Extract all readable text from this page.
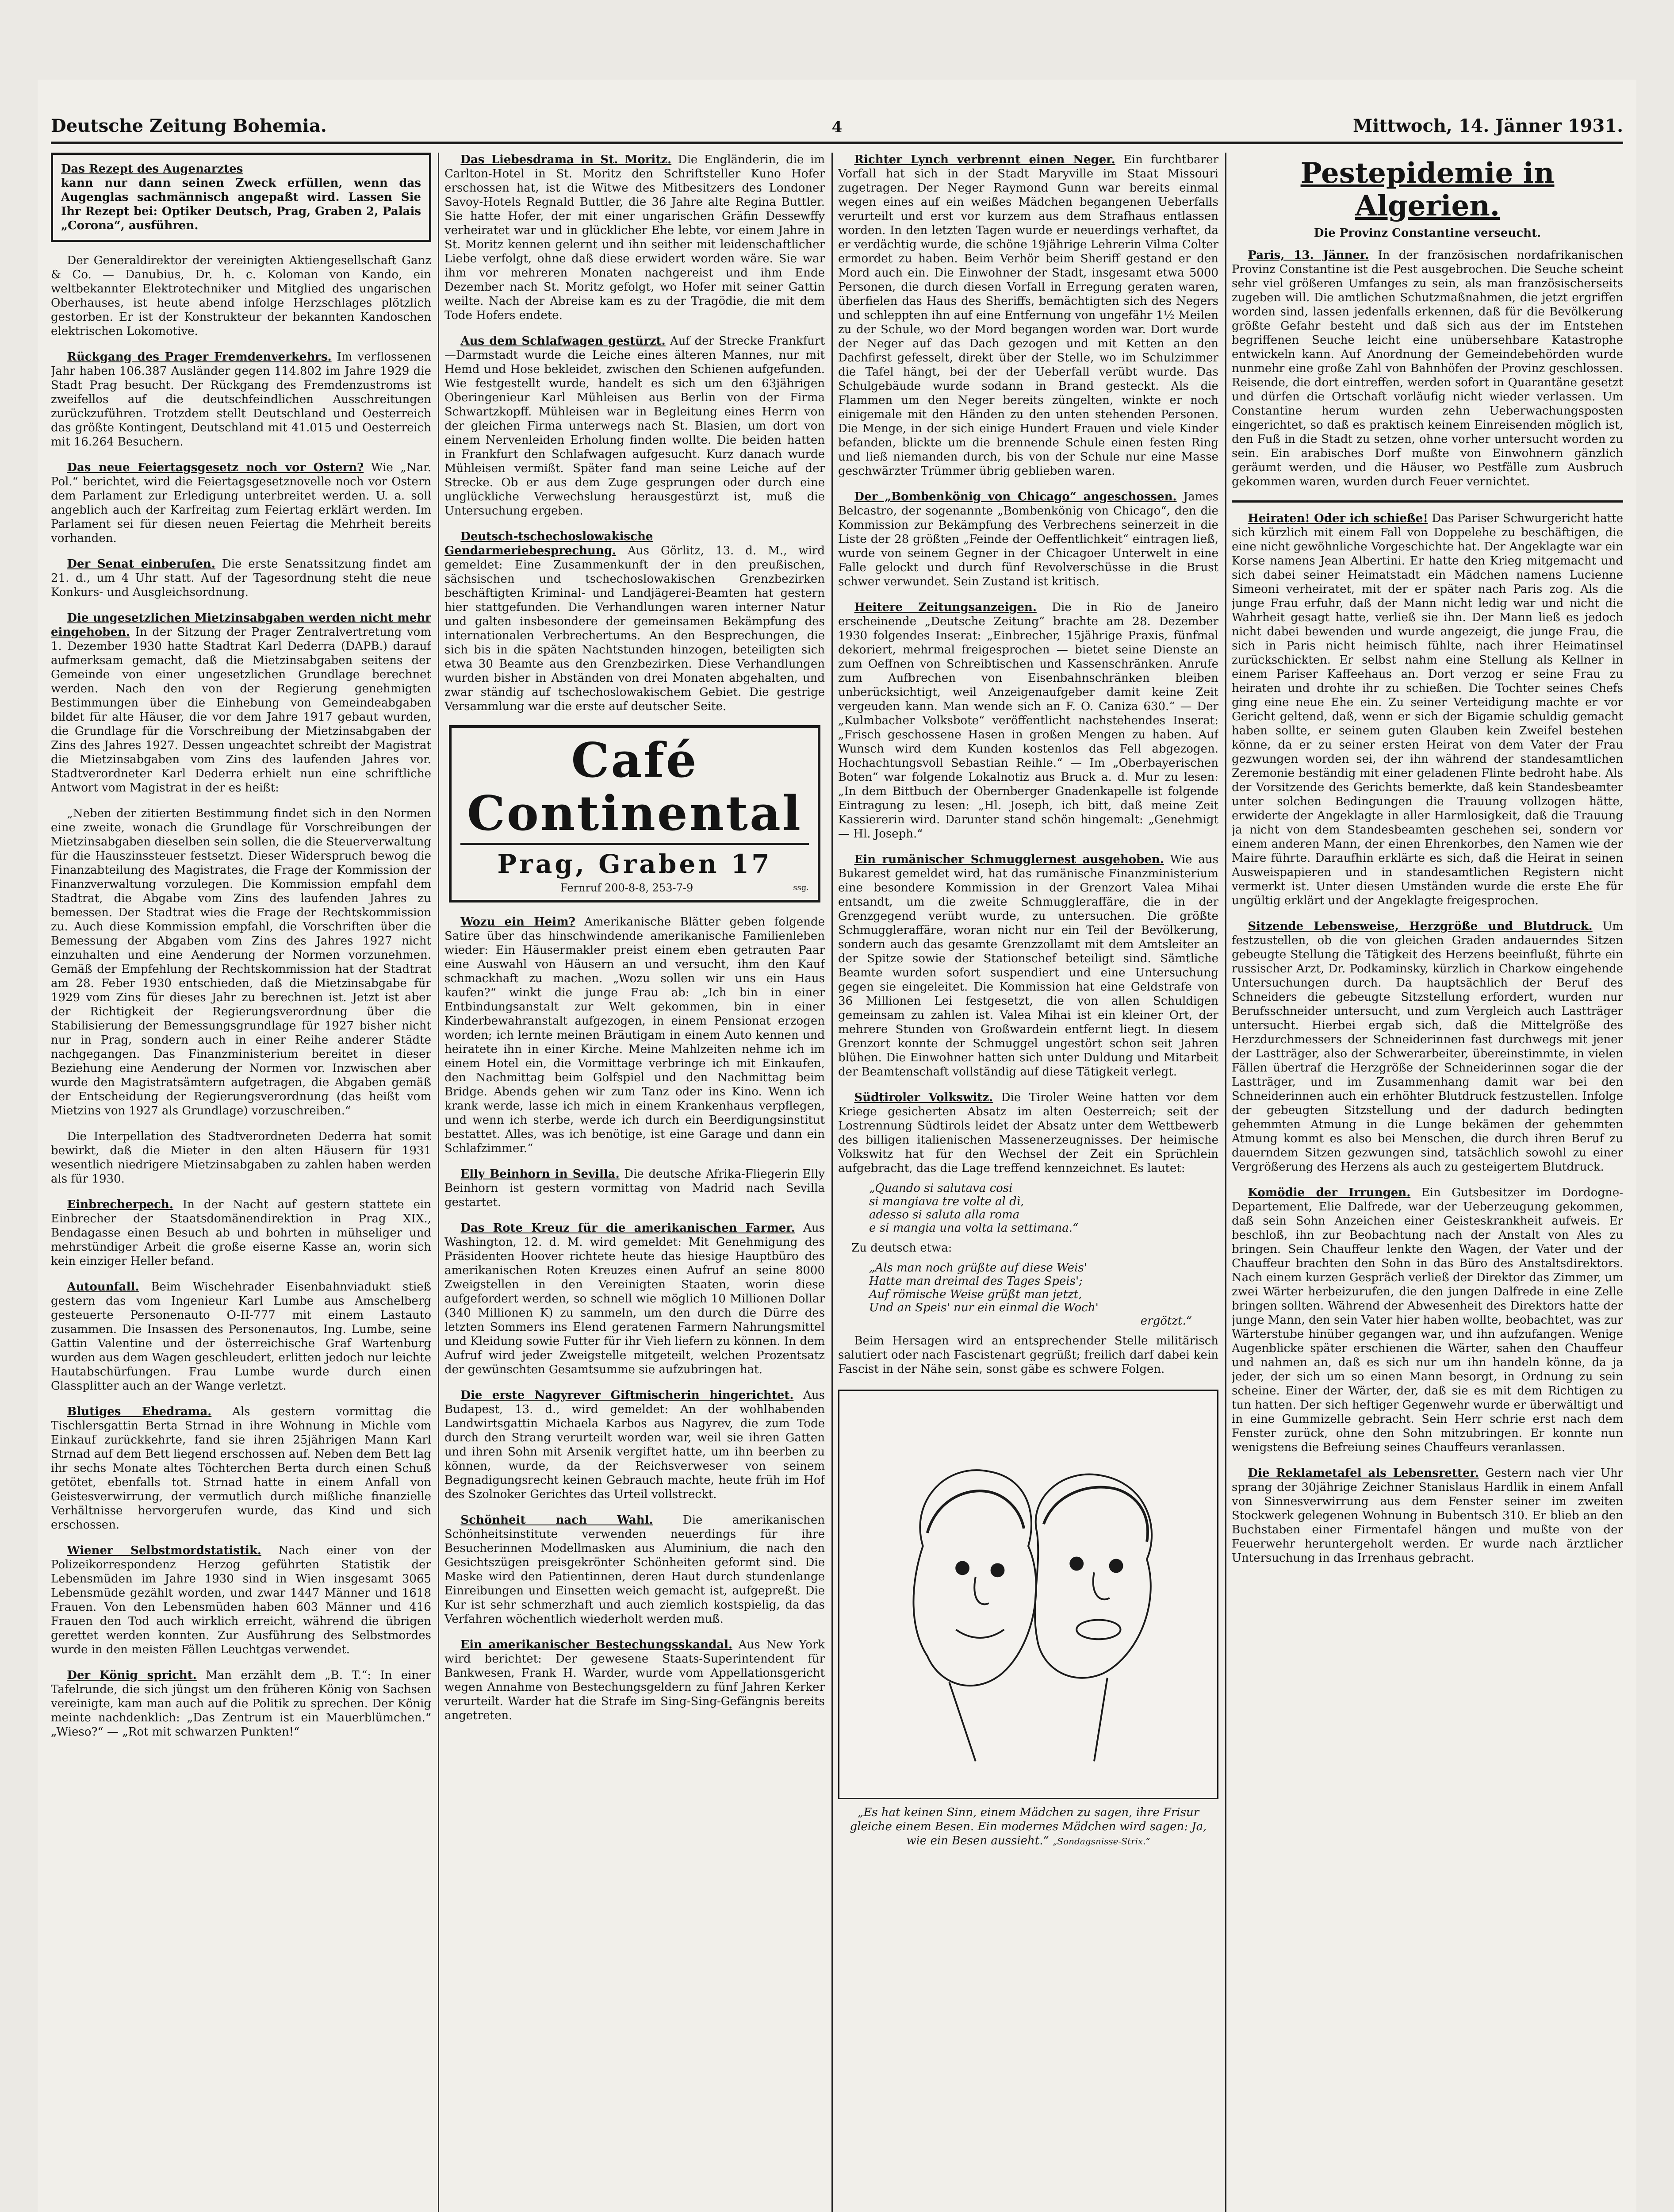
Deutsche Zeitung Bohemia.	4	Mittwoch, 14. Jänner 1931.

Das Rezept des Augenarztes

kann nur dann seinen Zweck erfüllen, wenn das Augenglas sachmännisch angepaßt wird. Lassen Sie Ihr Rezept bei: Optiker Deutsch, Prag, Graben 2, Palais „Corona“, ausführen.

Der Generaldirektor der vereinigten Aktiengesellschaft Ganz & Co. — Danubius, Dr. h. c. Koloman von Kando, ein weltbekannter Elektrotechniker und Mitglied des ungarischen Oberhauses, ist heute abend infolge Herzschlages plötzlich gestorben. Er ist der Konstrukteur der bekannten Kandoschen elektrischen Lokomotive.

Rückgang des Prager Fremdenverkehrs. Im verflossenen Jahr haben 106.387 Ausländer gegen 114.802 im Jahre 1929 die Stadt Prag besucht. Der Rückgang des Fremdenzustroms ist zweifellos auf die deutschfeindlichen Ausschreitungen zurückzuführen. Trotzdem stellt Deutschland und Oesterreich das größte Kontingent, Deutschland mit 41.015 und Oesterreich mit 16.264 Besuchern.

Das neue Feiertagsgesetz noch vor Ostern? Wie „Nar. Pol.“ berichtet, wird die Feiertagsgesetznovelle noch vor Ostern dem Parlament zur Erledigung unterbreitet werden. U. a. soll angeblich auch der Karfreitag zum Feiertag erklärt werden. Im Parlament sei für diesen neuen Feiertag die Mehrheit bereits vorhanden.

Der Senat einberufen. Die erste Senatssitzung findet am 21. d., um 4 Uhr statt. Auf der Tagesordnung steht die neue Konkurs- und Ausgleichsordnung.

Die ungesetzlichen Mietzinsabgaben werden nicht mehr eingehoben. In der Sitzung der Prager Zentralvertretung vom 1. Dezember 1930 hatte Stadtrat Karl Dederra (DAPB.) darauf aufmerksam gemacht, daß die Mietzinsabgaben seitens der Gemeinde von einer ungesetzlichen Grundlage berechnet werden. Nach den von der Regierung genehmigten Bestimmungen über die Einhebung von Gemeindeabgaben bildet für alte Häuser, die vor dem Jahre 1917 gebaut wurden, die Grundlage für die Vorschreibung der Mietzinsabgaben der Zins des Jahres 1927. Dessen ungeachtet schreibt der Magistrat die Mietzinsabgaben vom Zins des laufenden Jahres vor. Stadtverordneter Karl Dederra erhielt nun eine schriftliche Antwort vom Magistrat in der es heißt:

„Neben der zitierten Bestimmung findet sich in den Normen eine zweite, wonach die Grundlage für Vorschreibungen der Mietzinsabgaben dieselben sein sollen, die die Steuerverwaltung für die Hauszinssteuer festsetzt. Dieser Widerspruch bewog die Finanzabteilung des Magistrates, die Frage der Kommission der Finanzverwaltung vorzulegen. Die Kommission empfahl dem Stadtrat, die Abgabe vom Zins des laufenden Jahres zu bemessen. Der Stadtrat wies die Frage der Rechtskommission zu. Auch diese Kommission empfahl, die Vorschriften über die Bemessung der Abgaben vom Zins des Jahres 1927 nicht einzuhalten und eine Aenderung der Normen vorzunehmen. Gemäß der Empfehlung der Rechtskommission hat der Stadtrat am 28. Feber 1930 entschieden, daß die Mietzinsabgabe für 1929 vom Zins für dieses Jahr zu berechnen ist. Jetzt ist aber der Richtigkeit der Regierungsverordnung über die Stabilisierung der Bemessungsgrundlage für 1927 bisher nicht nur in Prag, sondern auch in einer Reihe anderer Städte nachgegangen. Das Finanzministerium bereitet in dieser Beziehung eine Aenderung der Normen vor. Inzwischen aber wurde den Magistratsämtern aufgetragen, die Abgaben gemäß der Entscheidung der Regierungsverordnung (das heißt vom Mietzins von 1927 als Grundlage) vorzuschreiben.“

Die Interpellation des Stadtverordneten Dederra hat somit bewirkt, daß die Mieter in den alten Häusern für 1931 wesentlich niedrigere Mietzinsabgaben zu zahlen haben werden als für 1930.

Einbrecherpech. In der Nacht auf gestern stattete ein Einbrecher der Staatsdomänendirektion in Prag XIX., Bendagasse einen Besuch ab und bohrten in mühseliger und mehrstündiger Arbeit die große eiserne Kasse an, worin sich kein einziger Heller befand.

Autounfall. Beim Wischehrader Eisenbahnviadukt stieß gestern das vom Ingenieur Karl Lumbe aus Amschelberg gesteuerte Personenauto O-II-777 mit einem Lastauto zusammen. Die Insassen des Personenautos, Ing. Lumbe, seine Gattin Valentine und der österreichische Graf Wartenburg wurden aus dem Wagen geschleudert, erlitten jedoch nur leichte Hautabschürfungen. Frau Lumbe wurde durch einen Glassplitter auch an der Wange verletzt.

Blutiges Ehedrama. Als gestern vormittag die Tischlersgattin Berta Strnad in ihre Wohnung in Michle vom Einkauf zurückkehrte, fand sie ihren 25jährigen Mann Karl Strnad auf dem Bett liegend erschossen auf. Neben dem Bett lag ihr sechs Monate altes Töchterchen Berta durch einen Schuß getötet, ebenfalls tot. Strnad hatte in einem Anfall von Geistesverwirrung, der vermutlich durch mißliche finanzielle Verhältnisse hervorgerufen wurde, das Kind und sich erschossen.

Wiener Selbstmordstatistik. Nach einer von der Polizeikorrespondenz Herzog geführten Statistik der Lebensmüden im Jahre 1930 sind in Wien insgesamt 3065 Lebensmüde gezählt worden, und zwar 1447 Männer und 1618 Frauen. Von den Lebensmüden haben 603 Männer und 416 Frauen den Tod auch wirklich erreicht, während die übrigen gerettet werden konnten. Zur Ausführung des Selbstmordes wurde in den meisten Fällen Leuchtgas verwendet.

Der König spricht. Man erzählt dem „B. T.“: In einer Tafelrunde, die sich jüngst um den früheren König von Sachsen vereinigte, kam man auch auf die Politik zu sprechen. Der König meinte nachdenklich: „Das Zentrum ist ein Mauerblümchen.“ „Wieso?“ — „Rot mit schwarzen Punkten!“

Das Liebesdrama in St. Moritz. Die Engländerin, die im Carlton-Hotel in St. Moritz den Schriftsteller Kuno Hofer erschossen hat, ist die Witwe des Mitbesitzers des Londoner Savoy-Hotels Regnald Buttler, die 36 Jahre alte Regina Buttler. Sie hatte Hofer, der mit einer ungarischen Gräfin Dessewffy verheiratet war und in glücklicher Ehe lebte, vor einem Jahre in St. Moritz kennen gelernt und ihn seither mit leidenschaftlicher Liebe verfolgt, ohne daß diese erwidert worden wäre. Sie war ihm vor mehreren Monaten nachgereist und ihm Ende Dezember nach St. Moritz gefolgt, wo Hofer mit seiner Gattin weilte. Nach der Abreise kam es zu der Tragödie, die mit dem Tode Hofers endete.

Aus dem Schlafwagen gestürzt. Auf der Strecke Frankfurt—Darmstadt wurde die Leiche eines älteren Mannes, nur mit Hemd und Hose bekleidet, zwischen den Schienen aufgefunden. Wie festgestellt wurde, handelt es sich um den 63jährigen Oberingenieur Karl Mühleisen aus Berlin von der Firma Schwartzkopff. Mühleisen war in Begleitung eines Herrn von der gleichen Firma unterwegs nach St. Blasien, um dort von einem Nervenleiden Erholung finden wollte. Die beiden hatten in Frankfurt den Schlafwagen aufgesucht. Kurz danach wurde Mühleisen vermißt. Später fand man seine Leiche auf der Strecke. Ob er aus dem Zuge gesprungen oder durch eine unglückliche Verwechslung herausgestürzt ist, muß die Untersuchung ergeben.

Deutsch-tschechoslowakische Gendarmeriebesprechung. Aus Görlitz, 13. d. M., wird gemeldet: Eine Zusammenkunft der in den preußischen, sächsischen und tschechoslowakischen Grenzbezirken beschäftigten Kriminal- und Landjägerei-Beamten hat gestern hier stattgefunden. Die Verhandlungen waren interner Natur und galten insbesondere der gemeinsamen Bekämpfung des internationalen Verbrechertums. An den Besprechungen, die sich bis in die späten Nachtstunden hinzogen, beteiligten sich etwa 30 Beamte aus den Grenzbezirken. Diese Verhandlungen wurden bisher in Abständen von drei Monaten abgehalten, und zwar ständig auf tschechoslowakischem Gebiet. Die gestrige Versammlung war die erste auf deutscher Seite.

Café Continental
Prag, Graben 17
Fernruf 200-8-8, 253-7-9	ssg.

Wozu ein Heim? Amerikanische Blätter geben folgende Satire über das hinschwindende amerikanische Familienleben wieder: Ein Häusermakler preist einem eben getrauten Paar eine Auswahl von Häusern an und versucht, ihm den Kauf schmackhaft zu machen. „Wozu sollen wir uns ein Haus kaufen?“ winkt die junge Frau ab: „Ich bin in einer Entbindungsanstalt zur Welt gekommen, bin in einer Kinderbewahranstalt aufgezogen, in einem Pensionat erzogen worden; ich lernte meinen Bräutigam in einem Auto kennen und heiratete ihn in einer Kirche. Meine Mahlzeiten nehme ich im einem Hotel ein, die Vormittage verbringe ich mit Einkaufen, den Nachmittag beim Golfspiel und den Nachmittag beim Bridge. Abends gehen wir zum Tanz oder ins Kino. Wenn ich krank werde, lasse ich mich in einem Krankenhaus verpflegen, und wenn ich sterbe, werde ich durch ein Beerdigungsinstitut bestattet. Alles, was ich benötige, ist eine Garage und dann ein Schlafzimmer.“

Elly Beinhorn in Sevilla. Die deutsche Afrika-Fliegerin Elly Beinhorn ist gestern vormittag von Madrid nach Sevilla gestartet.

Das Rote Kreuz für die amerikanischen Farmer. Aus Washington, 12. d. M. wird gemeldet: Mit Genehmigung des Präsidenten Hoover richtete heute das hiesige Hauptbüro des amerikanischen Roten Kreuzes einen Aufruf an seine 8000 Zweigstellen in den Vereinigten Staaten, worin diese aufgefordert werden, so schnell wie möglich 10 Millionen Dollar (340 Millionen K) zu sammeln, um den durch die Dürre des letzten Sommers ins Elend geratenen Farmern Nahrungsmittel und Kleidung sowie Futter für ihr Vieh liefern zu können. In dem Aufruf wird jeder Zweigstelle mitgeteilt, welchen Prozentsatz der gewünschten Gesamtsumme sie aufzubringen hat.

Die erste Nagyrever Giftmischerin hingerichtet. Aus Budapest, 13. d., wird gemeldet: An der wohlhabenden Landwirtsgattin Michaela Karbos aus Nagyrev, die zum Tode durch den Strang verurteilt worden war, weil sie ihren Gatten und ihren Sohn mit Arsenik vergiftet hatte, um ihn beerben zu können, wurde, da der Reichsverweser von seinem Begnadigungsrecht keinen Gebrauch machte, heute früh im Hof des Szolnoker Gerichtes das Urteil vollstreckt.

Schönheit nach Wahl.	Die amerikanischen Schönheitsinstitute verwenden neuerdings für ihre Besucherinnen Modellmasken aus Aluminium, die nach den Gesichtszügen preisgekrönter Schönheiten geformt sind. Die Maske wird den Patientinnen, deren Haut durch stundenlange Einreibungen und Einsetten weich gemacht ist, aufgepreßt. Die Kur ist sehr schmerzhaft und auch ziemlich kostspielig, da das Verfahren wöchentlich wiederholt werden muß.

Ein amerikanischer Bestechungsskandal. Aus New York wird berichtet: Der gewesene Staats-Superintendent für Bankwesen, Frank H. Warder, wurde vom Appellationsgericht wegen Annahme von Bestechungsgeldern zu fünf Jahren Kerker verurteilt. Warder hat die Strafe im Sing-Sing-Gefängnis bereits angetreten.

Richter Lynch verbrennt einen Neger. Ein furchtbarer Vorfall hat sich in der Stadt Maryville im Staat Missouri zugetragen. Der Neger Raymond Gunn war bereits einmal wegen eines auf ein weißes Mädchen begangenen Ueberfalls verurteilt und erst vor kurzem aus dem Strafhaus entlassen worden. In den letzten Tagen wurde er neuerdings verhaftet, da er verdächtig wurde, die schöne 19jährige Lehrerin Vilma Colter ermordet zu haben. Beim Verhör beim Sheriff gestand er den Mord auch ein. Die Einwohner der Stadt, insgesamt etwa 5000 Personen, die durch diesen Vorfall in Erregung geraten waren, überfielen das Haus des Sheriffs, bemächtigten sich des Negers und schleppten ihn auf eine Entfernung von ungefähr 1½ Meilen zu der Schule, wo der Mord begangen worden war. Dort wurde der Neger auf das Dach gezogen und mit Ketten an den Dachfirst gefesselt, direkt über der Stelle, wo im Schulzimmer die Tafel hängt, bei der der Ueberfall verübt wurde. Das Schulgebäude wurde sodann in Brand gesteckt. Als die Flammen um den Neger bereits züngelten, winkte er noch einigemale mit den Händen zu den unten stehenden Personen. Die Menge, in der sich einige Hundert Frauen und viele Kinder befanden, blickte um die brennende Schule einen festen Ring und ließ niemanden durch, bis von der Schule nur eine Masse geschwärzter Trümmer übrig geblieben waren.

Der „Bombenkönig von Chicago“ angeschossen. James Belcastro, der sogenannte „Bombenkönig von Chicago“, den die Kommission zur Bekämpfung des Verbrechens seinerzeit in die Liste der 28 größten „Feinde der Oeffentlichkeit“ eintragen ließ, wurde von seinem Gegner in der Chicagoer Unterwelt in eine Falle gelockt und durch fünf Revolverschüsse in die Brust schwer verwundet. Sein Zustand ist kritisch.

Heitere Zeitungsanzeigen. Die in Rio de Janeiro erscheinende „Deutsche Zeitung“ brachte am 28. Dezember 1930 folgendes Inserat: „Einbrecher, 15jährige Praxis, fünfmal dekoriert, mehrmal freigesprochen — bietet seine Dienste an zum Oeffnen von Schreibtischen und Kassenschränken. Anrufe zum Aufbrechen von Eisenbahnschränken bleiben unberücksichtigt, weil Anzeigenaufgeber damit keine Zeit vergeuden kann. Man wende sich an F. O. Caniza 630.“ — Der „Kulmbacher Volksbote“ veröffentlicht nachstehendes Inserat: „Frisch geschossene Hasen in großen Mengen zu haben. Auf Wunsch wird dem Kunden kostenlos das Fell abgezogen. Hochachtungsvoll Sebastian Reihle.“ — Im „Oberbayerischen Boten“ war folgende Lokalnotiz aus Bruck a. d. Mur zu lesen: „In dem Bittbuch der Obernberger Gnadenkapelle ist folgende Eintragung zu lesen: „Hl. Joseph, ich bitt, daß meine Zeit Kassiererin wird. Darunter stand schön hingemalt: „Genehmigt — Hl. Joseph.“

Ein rumänischer Schmugglernest ausgehoben. Wie aus Bukarest gemeldet wird, hat das rumänische Finanzministerium eine besondere Kommission in der Grenzort Valea Mihai entsandt, um die zweite Schmuggleraffäre, die in der Grenzgegend verübt wurde, zu untersuchen. Die größte Schmuggleraffäre, woran nicht nur ein Teil der Bevölkerung, sondern auch das gesamte Grenzzollamt mit dem Amtsleiter an der Spitze sowie der Stationschef beteiligt sind. Sämtliche Beamte wurden sofort suspendiert und eine Untersuchung gegen sie eingeleitet. Die Kommission hat eine Geldstrafe von 36 Millionen Lei festgesetzt, die von allen Schuldigen gemeinsam zu zahlen ist. Valea Mihai ist ein kleiner Ort, der mehrere Stunden von Großwardein entfernt liegt. In diesem Grenzort konnte der Schmuggel ungestört schon seit Jahren blühen. Die Einwohner hatten sich unter Duldung und Mitarbeit der Beamtenschaft vollständig auf diese Tätigkeit verlegt.

Südtiroler Volkswitz. Die Tiroler Weine hatten vor dem Kriege gesicherten Absatz im alten Oesterreich; seit der Lostrennung Südtirols leidet der Absatz unter dem Wettbewerb des billigen italienischen Massenerzeugnisses. Der heimische Volkswitz hat für den Wechsel der Zeit ein Sprüchlein aufgebracht, das die Lage treffend kennzeichnet. Es lautet:

„Quando si salutava cosi
si mangiava tre volte al dì,
adesso si saluta alla roma
e si mangia una volta la settimana.“

Zu deutsch etwa:

„Als man noch grüßte auf diese Weis'
Hatte man dreimal des Tages Speis';
Auf römische Weise grüßt man jetzt,
Und an Speis' nur ein einmal die Woch'
ergötzt.“

Beim Hersagen wird an entsprechender Stelle militärisch salutiert oder nach Fascistenart gegrüßt; freilich darf dabei kein Fascist in der Nähe sein, sonst gäbe es schwere Folgen.

„Es hat keinen Sinn, einem Mädchen zu sagen, ihre Frisur gleiche einem Besen. Ein modernes Mädchen wird sagen: Ja, wie ein Besen aussieht.“ „Sondagsnisse-Strix.“

Pestepidemie in Algerien.
Die Provinz Constantine verseucht.

Paris, 13. Jänner. In der französischen nordafrikanischen Provinz Constantine ist die Pest ausgebrochen. Die Seuche scheint sehr viel größeren Umfanges zu sein, als man französischerseits zugeben will. Die amtlichen Schutzmaßnahmen, die jetzt ergriffen worden sind, lassen jedenfalls erkennen, daß für die Bevölkerung größte Gefahr besteht und daß sich aus der im Entstehen begriffenen Seuche leicht eine unübersehbare Katastrophe entwickeln kann. Auf Anordnung der Gemeindebehörden wurde nunmehr eine große Zahl von Bahnhöfen der Provinz geschlossen. Reisende, die dort eintreffen, werden sofort in Quarantäne gesetzt und dürfen die Ortschaft vorläufig nicht wieder verlassen. Um Constantine herum wurden zehn Ueberwachungsposten eingerichtet, so daß es praktisch keinem Einreisenden möglich ist, den Fuß in die Stadt zu setzen, ohne vorher untersucht worden zu sein. Ein arabisches Dorf mußte von Einwohnern gänzlich geräumt werden, und die Häuser, wo Pestfälle zum Ausbruch gekommen waren, wurden durch Feuer vernichtet.

Heiraten! Oder ich schieße! Das Pariser Schwurgericht hatte sich kürzlich mit einem Fall von Doppelehe zu beschäftigen, die eine nicht gewöhnliche Vorgeschichte hat. Der Angeklagte war ein Korse namens Jean Albertini. Er hatte den Krieg mitgemacht und sich dabei seiner Heimatstadt ein Mädchen namens Lucienne Simeoni verheiratet, mit der er später nach Paris zog. Als die junge Frau erfuhr, daß der Mann nicht ledig war und nicht die Wahrheit gesagt hatte, verließ sie ihn. Der Mann ließ es jedoch nicht dabei bewenden und wurde angezeigt, die junge Frau, die sich in Paris nicht heimisch fühlte, nach ihrer Heimatinsel zurückschickten. Er selbst nahm eine Stellung als Kellner in einem Pariser Kaffeehaus an. Dort verzog er seine Frau zu heiraten und drohte ihr zu schießen. Die Tochter seines Chefs ging eine neue Ehe ein. Zu seiner Verteidigung machte er vor Gericht geltend, daß, wenn er sich der Bigamie schuldig gemacht haben sollte, er seinem guten Glauben kein Zweifel bestehen könne, da er zu seiner ersten Heirat von dem Vater der Frau gezwungen worden sei, der ihn während der standesamtlichen Zeremonie beständig mit einer geladenen Flinte bedroht habe. Als der Vorsitzende des Gerichts bemerkte, daß kein Standesbeamter unter solchen Bedingungen die Trauung vollzogen hätte, erwiderte der Angeklagte in aller Harmlosigkeit, daß die Trauung ja nicht von dem Standesbeamten geschehen sei, sondern vor einem anderen Mann, der einen Ehrenkorbes, den Namen wie der Maire führte. Daraufhin erklärte es sich, daß die Heirat in seinen Ausweispapieren und in standesamtlichen Registern nicht vermerkt ist. Unter diesen Umständen wurde die erste Ehe für ungültig erklärt und der Angeklagte freigesprochen.

Sitzende Lebensweise, Herzgröße und Blutdruck. Um festzustellen, ob die von gleichen Graden andauerndes Sitzen gebeugte Stellung die Tätigkeit des Herzens beeinflußt, führte ein russischer Arzt, Dr. Podkaminsky, kürzlich in Charkow eingehende Untersuchungen durch. Da hauptsächlich der Beruf des Schneiders die gebeugte Sitzstellung erfordert, wurden nur Berufsschneider untersucht, und zum Vergleich auch Lastträger untersucht. Hierbei ergab sich, daß die Mittelgröße des Herzdurchmessers der Schneiderinnen fast durchwegs mit jener der Lastträger, also der Schwerarbeiter, übereinstimmte, in vielen Fällen übertraf die Herzgröße der Schneiderinnen sogar die der Lastträger, und im Zusammenhang damit war bei den Schneiderinnen auch ein erhöhter Blutdruck festzustellen. Infolge der gebeugten Sitzstellung und der dadurch bedingten gehemmten Atmung in die Lunge bekämen der gehemmten Atmung kommt es also bei Menschen, die durch ihren Beruf zu dauerndem Sitzen gezwungen sind, tatsächlich sowohl zu einer Vergrößerung des Herzens als auch zu gesteigertem Blutdruck.

Komödie der Irrungen. Ein Gutsbesitzer im Dordogne-Departement, Elie Dalfrede, war der Ueberzeugung gekommen, daß sein Sohn Anzeichen einer Geisteskrankheit aufweis. Er beschloß, ihn zur Beobachtung nach der Anstalt von Ales zu bringen. Sein Chauffeur lenkte den Wagen, der Vater und der Chauffeur brachten den Sohn in das Büro des Anstaltsdirektors. Nach einem kurzen Gespräch verließ der Direktor das Zimmer, um zwei Wärter herbeizurufen, die den jungen Dalfrede in eine Zelle bringen sollten. Während der Abwesenheit des Direktors hatte der junge Mann, den sein Vater hier haben wollte, beobachtet, was zur Wärterstube hinüber gegangen war, und ihn aufzufangen. Wenige Augenblicke später erschienen die Wärter, sahen den Chauffeur und nahmen an, daß es sich nur um ihn handeln könne, da ja jeder, der sich um so einen Mann besorgt, in Ordnung zu sein scheine. Einer der Wärter, der, daß sie es mit dem Richtigen zu tun hatten. Der sich heftiger Gegenwehr wurde er überwältigt und in eine Gummizelle gebracht. Sein Herr schrie erst nach dem Fenster zurück, ohne den Sohn mitzubringen. Er konnte nun wenigstens die Befreiung seines Chauffeurs veranlassen.

Die Reklametafel als Lebensretter. Gestern nach vier Uhr sprang der 30jährige Zeichner Stanislaus Hardlik in einem Anfall von Sinnesverwirrung aus dem Fenster seiner im zweiten Stockwerk gelegenen Wohnung in Bubentsch 310. Er blieb an den Buchstaben einer Firmentafel hängen und mußte von der Feuerwehr heruntergeholt werden. Er wurde nach ärztlicher Untersuchung in das Irrenhaus gebracht.
